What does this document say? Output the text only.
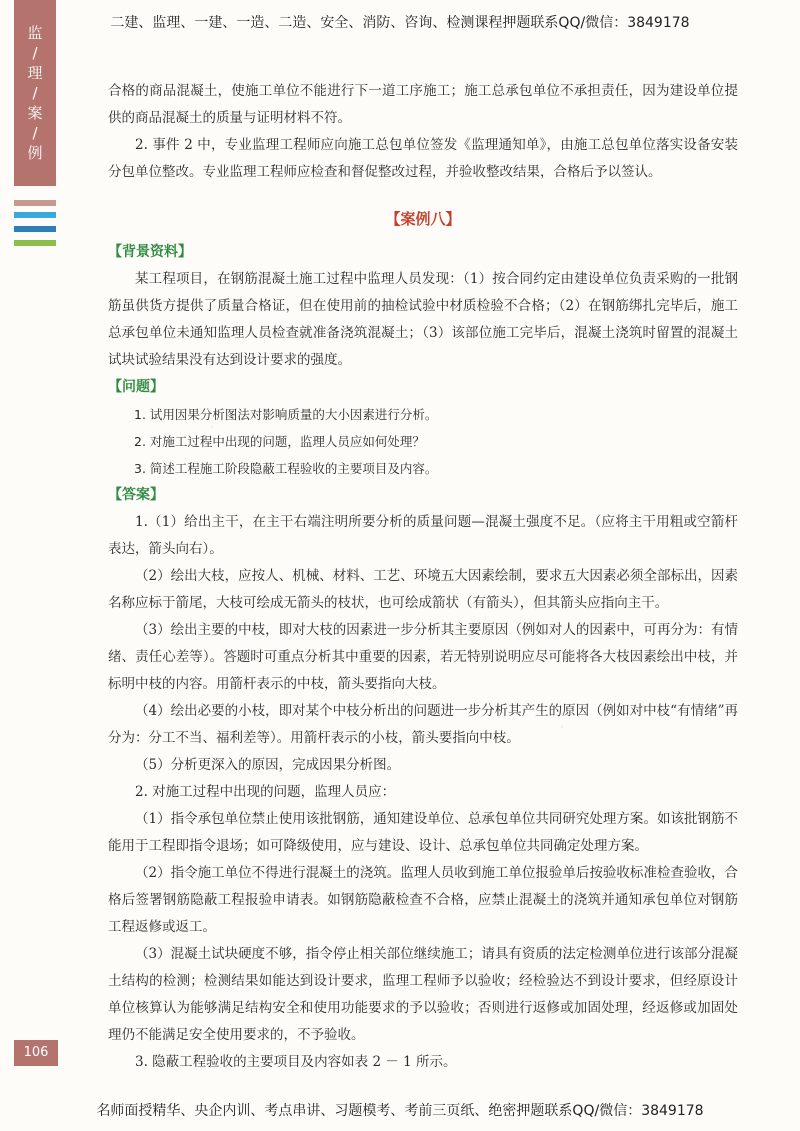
二建、监理、一建、一造、二造、安全、消防、咨询、检测课程押题联系QQ/微信：3849178
监
/
理
/
案
/
例
·
·

合格的商品混凝土，使施工单位不能进行下一道工序施工；施工总承包单位不承担责任，因为建设单位提供的商品混凝土的质量与证明材料不符。

2. 事件 2 中，专业监理工程师应向施工总包单位签发《监理通知单》，由施工总包单位落实设备安装分包单位整改。专业监理工程师应检查和督促整改过程，并验收整改结果，合格后予以签认。

【案例八】

【背景资料】

某工程项目，在钢筋混凝土施工过程中监理人员发现：（1）按合同约定由建设单位负责采购的一批钢筋虽供货方提供了质量合格证，但在使用前的抽检试验中材质检验不合格；（2）在钢筋绑扎完毕后，施工总承包单位未通知监理人员检查就准备浇筑混凝土；（3）该部位施工完毕后，混凝土浇筑时留置的混凝土试块试验结果没有达到设计要求的强度。

【问题】

1. 试用因果分析图法对影响质量的大小因素进行分析。

2. 对施工过程中出现的问题，监理人员应如何处理？

3. 简述工程施工阶段隐蔽工程验收的主要项目及内容。

【答案】

1.（1）给出主干，在主干右端注明所要分析的质量问题—混凝土强度不足。（应将主干用粗或空箭杆表达，箭头向右）。

（2）绘出大枝，应按人、机械、材料、工艺、环境五大因素绘制，要求五大因素必须全部标出，因素名称应标于箭尾，大枝可绘成无箭头的枝状，也可绘成箭状（有箭头），但其箭头应指向主干。

（3）绘出主要的中枝，即对大枝的因素进一步分析其主要原因（例如对人的因素中，可再分为：有情绪、责任心差等）。答题时可重点分析其中重要的因素，若无特别说明应尽可能将各大枝因素绘出中枝，并标明中枝的内容。用箭杆表示的中枝，箭头要指向大枝。

（4）绘出必要的小枝，即对某个中枝分析出的问题进一步分析其产生的原因（例如对中枝“有情绪”再分为：分工不当、福利差等）。用箭杆表示的小枝，箭头要指向中枝。

（5）分析更深入的原因，完成因果分析图。

2. 对施工过程中出现的问题，监理人员应：

（1）指令承包单位禁止使用该批钢筋，通知建设单位、总承包单位共同研究处理方案。如该批钢筋不能用于工程即指令退场；如可降级使用，应与建设、设计、总承包单位共同确定处理方案。

（2）指令施工单位不得进行混凝土的浇筑。监理人员收到施工单位报验单后按验收标准检查验收，合格后签署钢筋隐蔽工程报验申请表。如钢筋隐蔽检查不合格，应禁止混凝土的浇筑并通知承包单位对钢筋工程返修或返工。

（3）混凝土试块硬度不够，指令停止相关部位继续施工；请具有资质的法定检测单位进行该部分混凝土结构的检测；检测结果如能达到设计要求，监理工程师予以验收；经检验达不到设计要求，但经原设计单位核算认为能够满足结构安全和使用功能要求的予以验收；否则进行返修或加固处理，经返修或加固处理仍不能满足安全使用要求的，不予验收。

3. 隐蔽工程验收的主要项目及内容如表 2 － 1 所示。

106
名师面授精华、央企内训、考点串讲、习题模考、考前三页纸、绝密押题联系QQ/微信：3849178
